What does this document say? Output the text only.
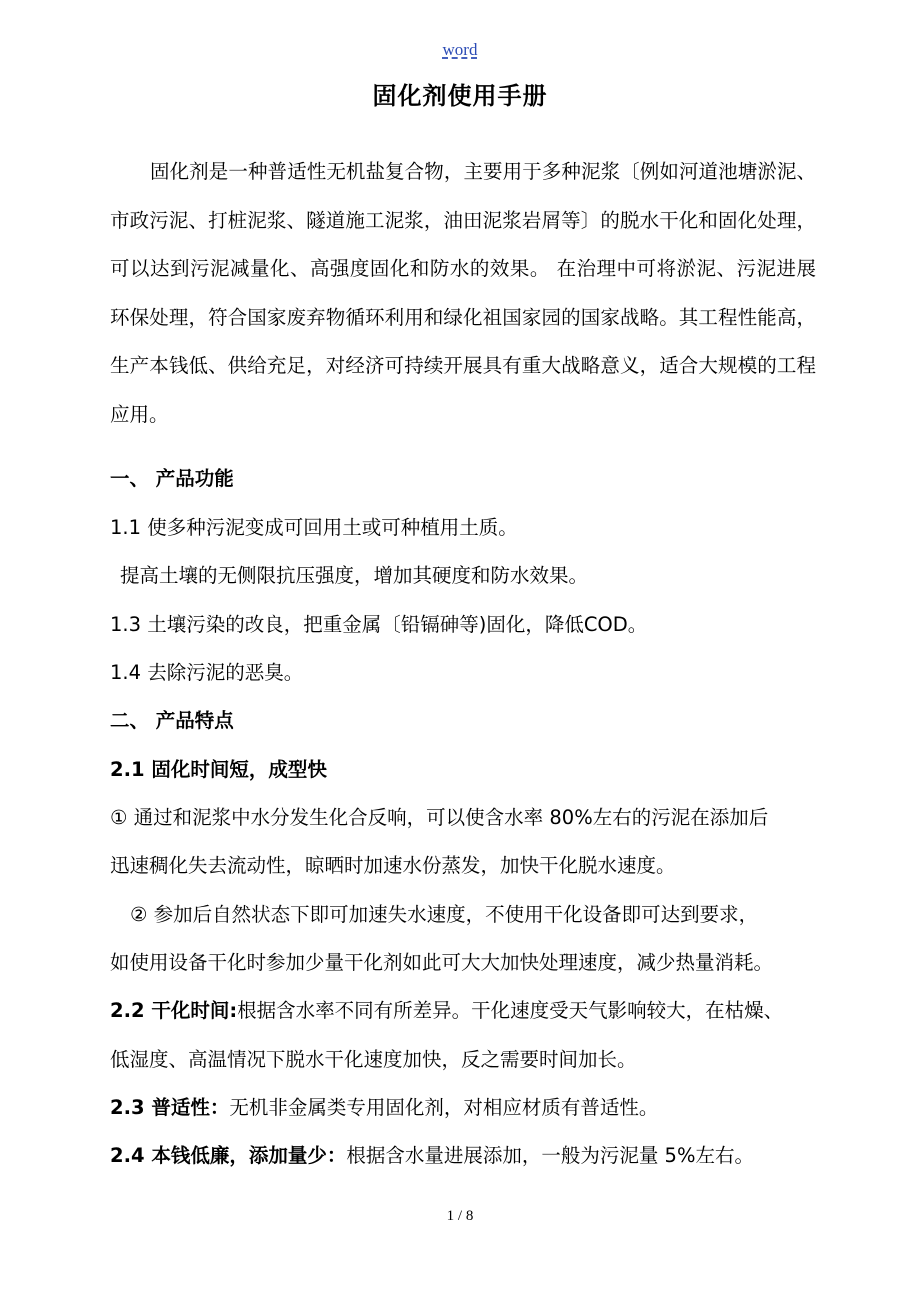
word
固化剂使用手册
固化剂是一种普适性无机盐复合物，主要用于多种泥浆〔例如河道池塘淤泥、市政污泥、打桩泥浆、隧道施工泥浆，油田泥浆岩屑等〕的脱水干化和固化处理，可以达到污泥减量化、高强度固化和防水的效果。 在治理中可将淤泥、污泥进展环保处理，符合国家废弃物循环利用和绿化祖国家园的国家战略。其工程性能高，生产本钱低、供给充足，对经济可持续开展具有重大战略意义，适合大规模的工程应用。
一、 产品功能
1.1 使多种污泥变成可回用土或可种植用土质。
提高土壤的无侧限抗压强度，增加其硬度和防水效果。
1.3 土壤污染的改良，把重金属〔铅镉砷等)固化，降低COD。
1.4 去除污泥的恶臭。
二、 产品特点
2.1 固化时间短，成型快
① 通过和泥浆中水分发生化合反响，可以使含水率 80%左右的污泥在添加后
迅速稠化失去流动性，晾晒时加速水份蒸发，加快干化脱水速度。
② 参加后自然状态下即可加速失水速度，不使用干化设备即可达到要求，
如使用设备干化时参加少量干化剂如此可大大加快处理速度，减少热量消耗。
2.2 干化时间:根据含水率不同有所差异。干化速度受天气影响较大，在枯燥、
低湿度、高温情况下脱水干化速度加快，反之需要时间加长。
2.3 普适性：无机非金属类专用固化剂，对相应材质有普适性。
2.4 本钱低廉，添加量少：根据含水量进展添加，一般为污泥量 5%左右。
1 / 8
